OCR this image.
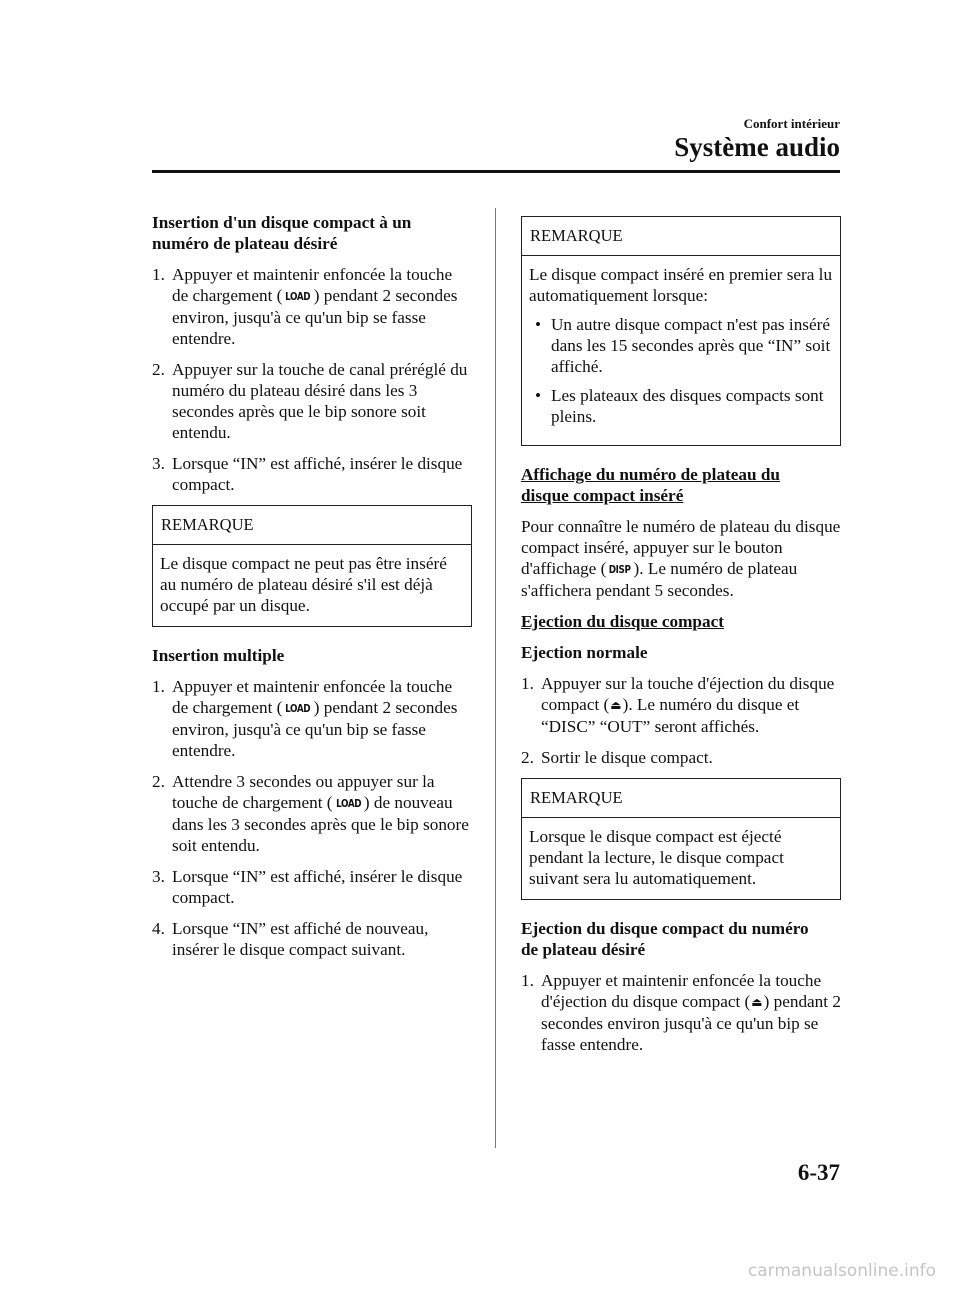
Confort intérieur
Système audio
Insertion d'un disque compact à un
numéro de plateau désiré
1. Appuyer et maintenir enfoncée la touche de chargement ( LOAD ) pendant 2 secondes environ, jusqu'à ce qu'un bip se fasse entendre.
2. Appuyer sur la touche de canal préréglé du numéro du plateau désiré dans les 3 secondes après que le bip sonore soit entendu.
3. Lorsque “IN” est affiché, insérer le disque compact.
REMARQUE
Le disque compact ne peut pas être inséré au numéro de plateau désiré s'il est déjà occupé par un disque.
Insertion multiple
1. Appuyer et maintenir enfoncée la touche de chargement ( LOAD ) pendant 2 secondes environ, jusqu'à ce qu'un bip se fasse entendre.
2. Attendre 3 secondes ou appuyer sur la touche de chargement ( LOAD ) de nouveau dans les 3 secondes après que le bip sonore soit entendu.
3. Lorsque “IN” est affiché, insérer le disque compact.
4. Lorsque “IN” est affiché de nouveau, insérer le disque compact suivant.
REMARQUE
Le disque compact inséré en premier sera lu automatiquement lorsque:
• Un autre disque compact n'est pas inséré dans les 15 secondes après que “IN” soit affiché.
• Les plateaux des disques compacts sont pleins.
Affichage du numéro de plateau du
disque compact inséré
Pour connaître le numéro de plateau du disque compact inséré, appuyer sur le bouton d'affichage ( DISP ). Le numéro de plateau s'affichera pendant 5 secondes.
Ejection du disque compact
Ejection normale
1. Appuyer sur la touche d'éjection du disque compact (⏏). Le numéro du disque et “DISC” “OUT” seront affichés.
2. Sortir le disque compact.
REMARQUE
Lorsque le disque compact est éjecté pendant la lecture, le disque compact suivant sera lu automatiquement.
Ejection du disque compact du numéro
de plateau désiré
1. Appuyer et maintenir enfoncée la touche d'éjection du disque compact (⏏) pendant 2 secondes environ jusqu'à ce qu'un bip se fasse entendre.
6-37
carmanualsonline.info
